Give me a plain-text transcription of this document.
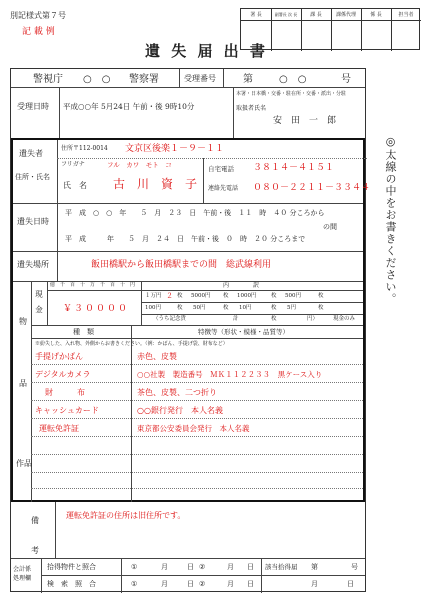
別記様式第７号
記 載 例
遺 失 届 出 書
署 長	副署長 次 長	課 長	課係代理	係 長	担当者
警視庁 ○　○ 警察署	受理番号	第	○　○	号
受理日時 平成○○年 5月24日 午前・後 9時10分
本署・日本橋・交番・駐在所・交番・派出・分駐
取扱者氏名
安　田　一　郎
遺失者
住所・氏名
住所〒112-0014 文京区後楽１－９－１１
フリガナ	フル　カワ　モト　コ
氏　名 古　川　資　子
自宅電話 ３８１４－４１５１
連絡先電話 ０８０－２２１１－３３４４
遺失日時
平　成　○　○　年　　５　月　２３　日　午前・後　１１　時　４０ 分ころから
の間
平　成　　　年　　５　月　２４　日　午前・後　０　時　２０ 分ころまで
遺失場所	飯田橋駅から飯田橋駅までの間　総武線利用
現金
物
億 千 百 十 万 千 百 十 円
￥３００００
内　　　　訳
１万円 ２ 枚 5000円 枚 1000円	枚 500円	枚
100円	枚 50円	枚 10円	枚 5円	枚
（うち記念貨	計	枚	円）	現金のみ
種　類	特徴等（形状・模様・品質等）
※紛失した、入れ物、外側からお書きください。（例：かばん、手提げ袋、財布など）
品
作品
手提げかばん	赤色、皮製
デジタルカメラ	○○社製　製造番号　ＭＫ１１２２３３　黒ケース入り
財　　　布	茶色、皮製、二つ折り
キャッシュカード	○○銀行発行　本人名義
運転免許証	東京都公安委員会発行　本人名義
備
考
運転免許証の住所は旧住所です。
会計係
処理欄
拾得物件と照合	①	月	日 ②	月 日 該当拾得届 第	号
検　索　照　合	①	月	日 ②	月 日	月	日
◎太線の中をお書きください。
